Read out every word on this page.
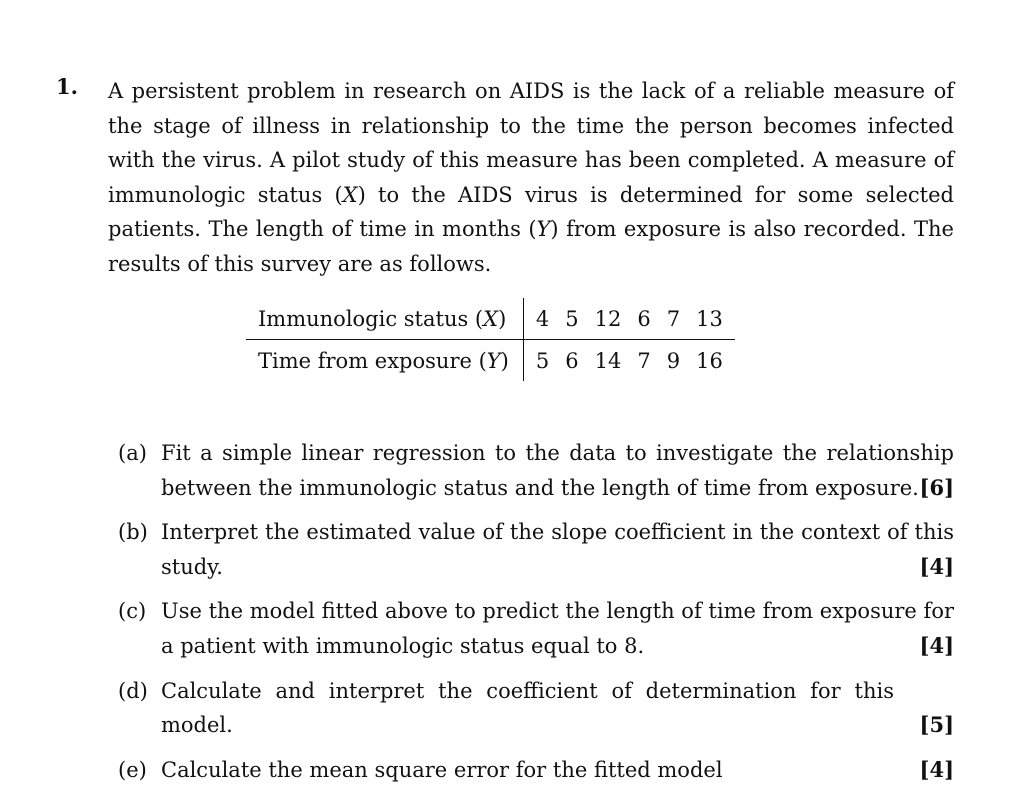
1. A persistent problem in research on AIDS is the lack of a reliable measure of the stage of illness in relationship to the time the person becomes infected with the virus. A pilot study of this measure has been completed. A measure of immunologic status (X) to the AIDS virus is determined for some selected patients. The length of time in months (Y) from exposure is also recorded. The results of this survey are as follows.

Immunologic status (X)	4	5	12	6	7	13
Time from exposure (Y)	5	6	14	7	9	16
(a) Fit a simple linear regression to the data to investigate the relationship between the immunologic status and the length of time from exposure. [6]
(b) Interpret the estimated value of the slope coefficient in the context of this study.	[4]
(c) Use the model fitted above to predict the length of time from exposure for a patient with immunologic status equal to 8.	[4]
(d) Calculate and interpret the coefficient of determination for this model.	[5]
(e) Calculate the mean square error for the fitted model	[4]
